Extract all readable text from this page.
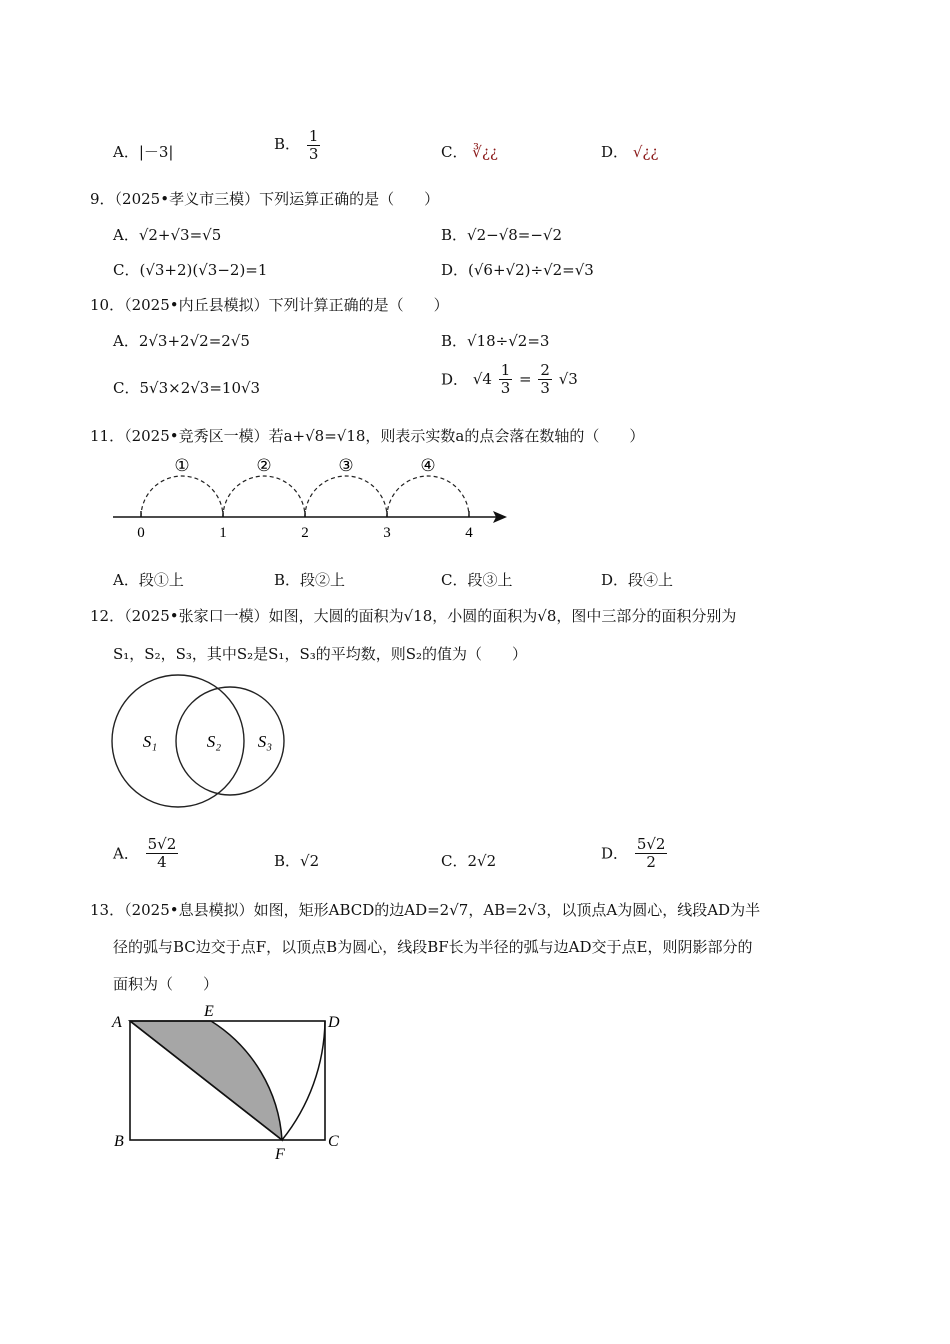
A．|－3|	B． $\frac{1}{3}$	C． ∛¿¿	D． √¿¿
9．（2025•孝义市三模）下列运算正确的是（　　）
A．√2+√3=√5	B．√2−√8=−√2
C．(√3+2)(√3−2)=1	D．(√6+√2)÷√2=√3
10．（2025•内丘县模拟）下列计算正确的是（　　）
A．2√3+2√2=2√5	B．√18÷√2=3
C．5√3×2√3=10√3	D． $√4 \frac{1}{3} = \frac{2}{3} √3$
11．（2025•竞秀区一模）若a+√8=√18，则表示实数a的点会落在数轴的（　　）
0	1	2	3	4
①	②	③	④
A．段①上	B．段②上	C．段③上	D．段④上
12．（2025•张家口一模）如图，大圆的面积为√18，小圆的面积为√8，图中三部分的面积分别为
S₁，S₂，S₃，其中S₂是S₁，S₃的平均数，则S₂的值为（　　）
S₁	S₂ S₃
A． $\frac{5√2}{4}$	B．√2	C．2√2	D． $\frac{5√2}{2}$
13．（2025•息县模拟）如图，矩形ABCD的边AD=2√7，AB=2√3，以顶点A为圆心，线段AD为半
径的弧与BC边交于点F，以顶点B为圆心，线段BF长为半径的弧与边AD交于点E，则阴影部分的
面积为（　　）
A
E
D
B
F
C
